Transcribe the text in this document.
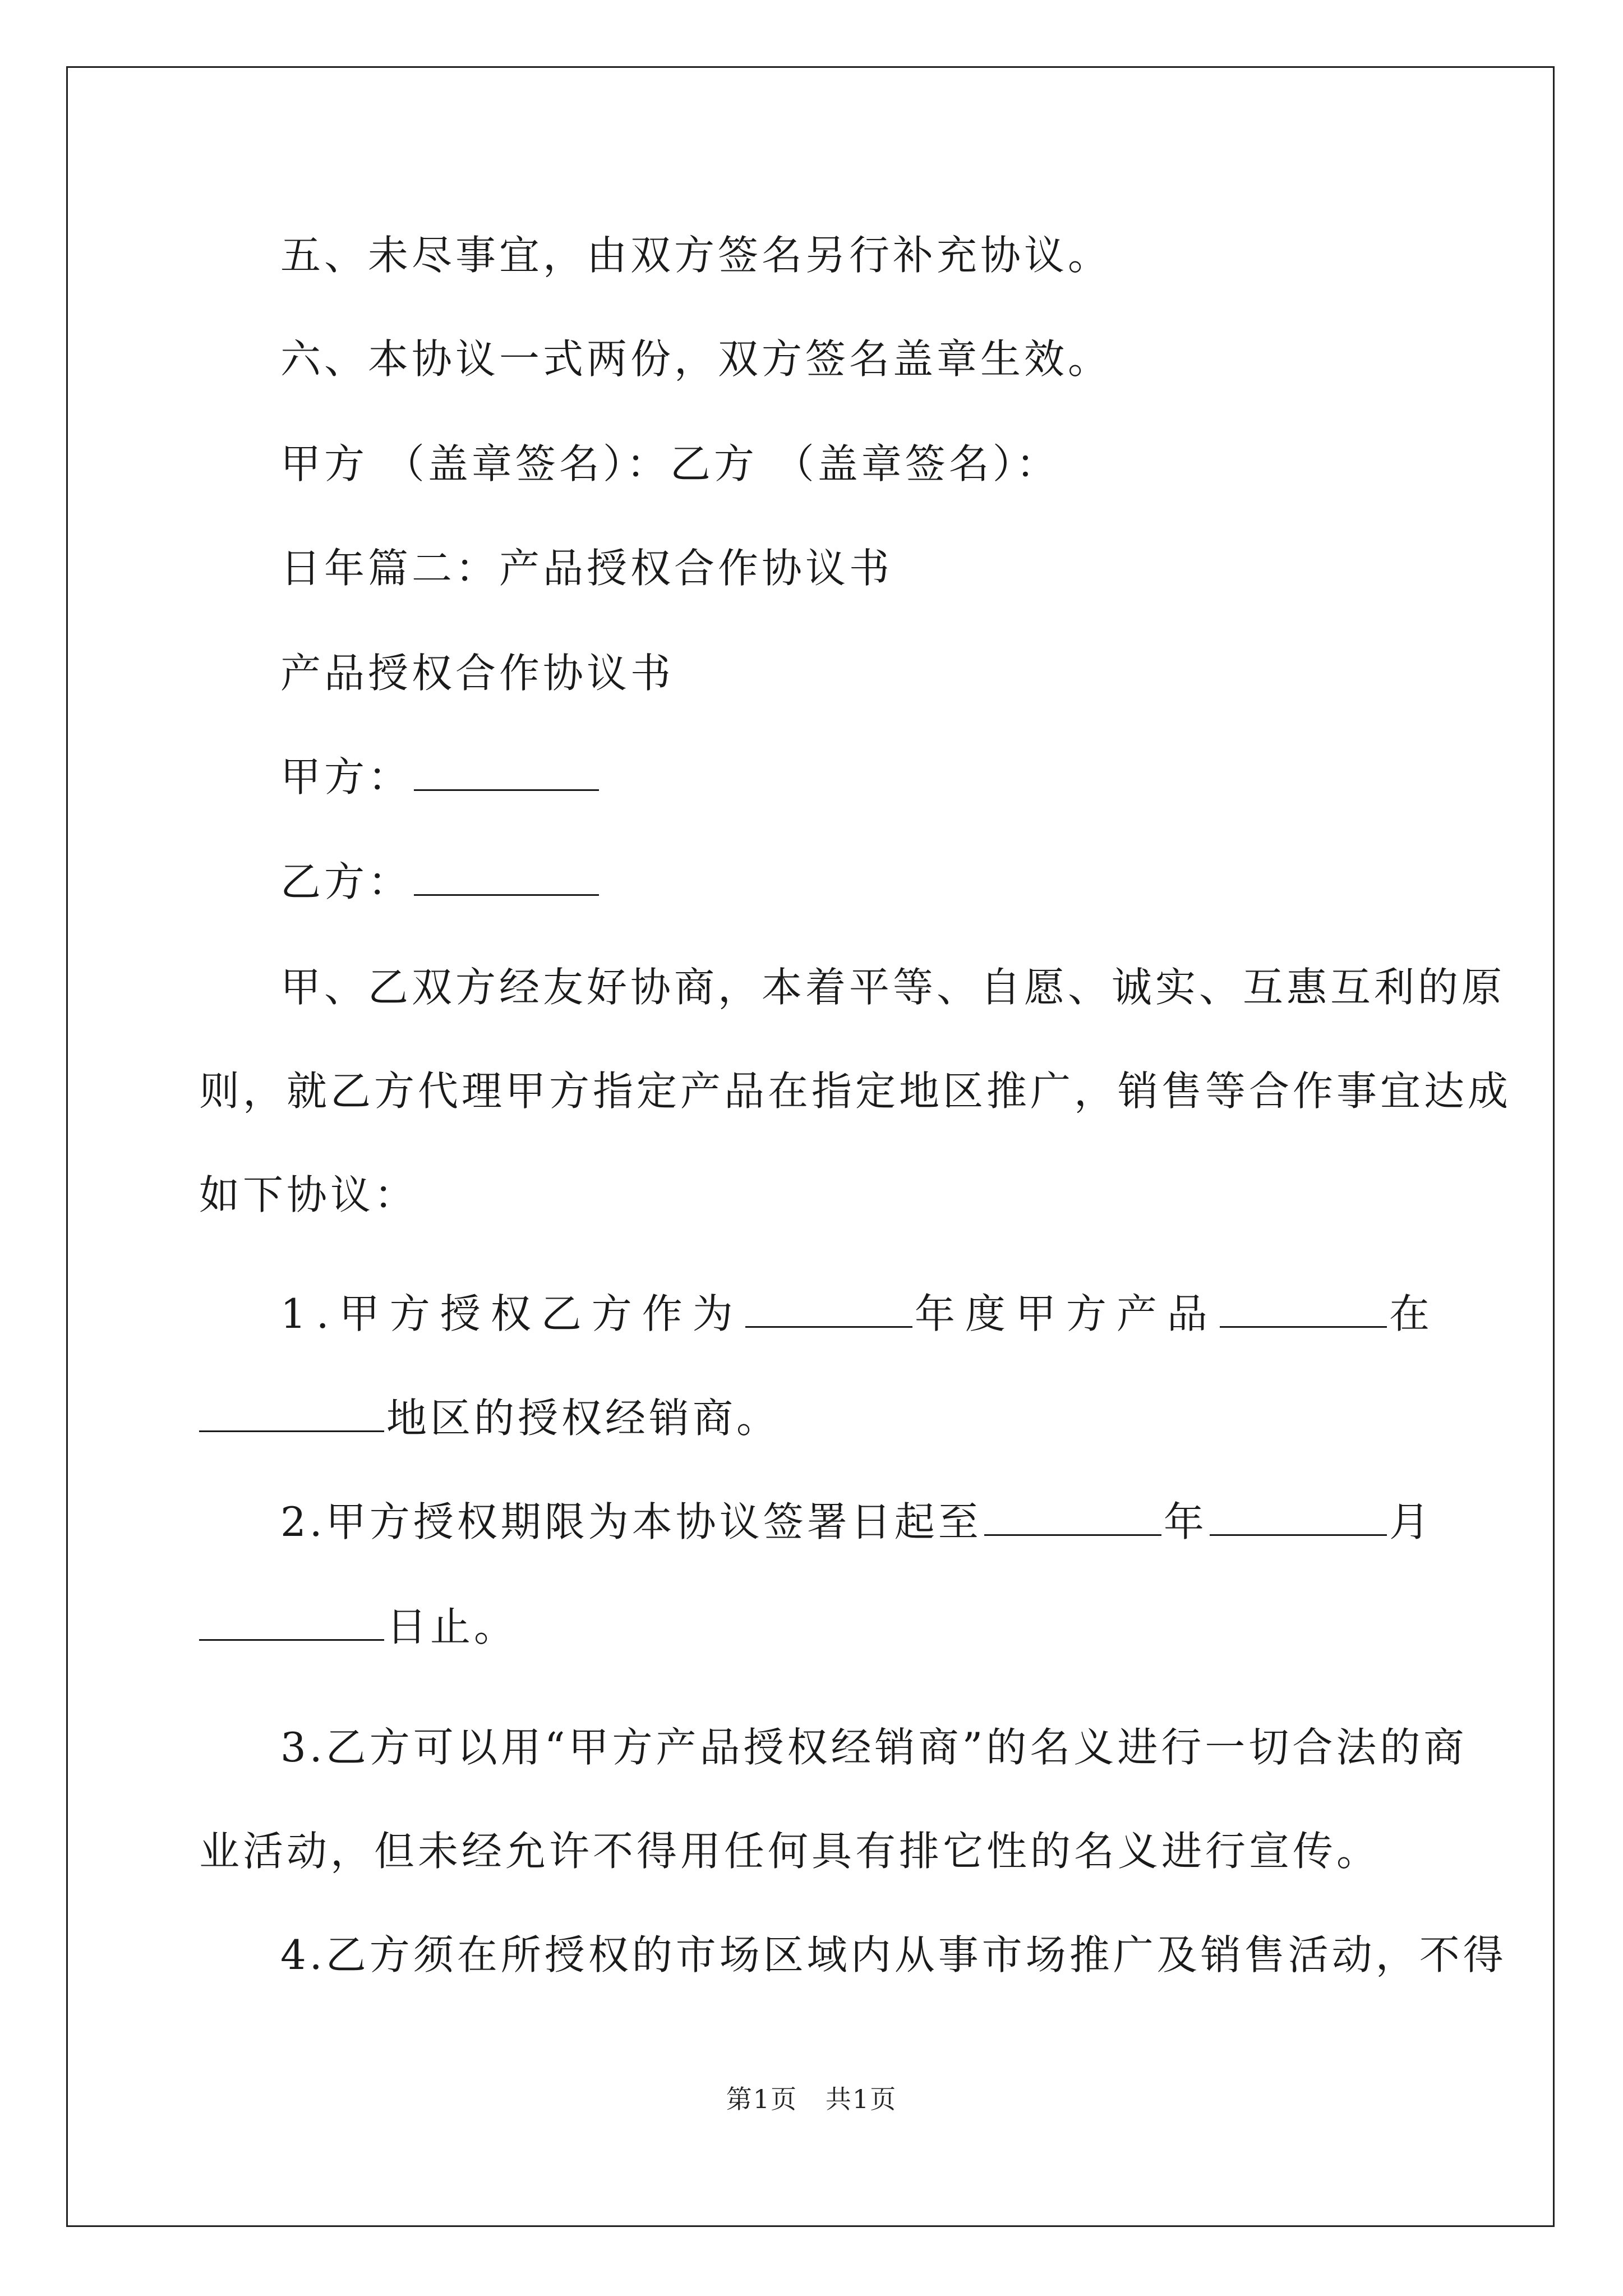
五、未尽事宜，由双方签名另行补充协议。
六、本协议一式两份，双方签名盖章生效。
甲方 （盖章签名）：乙方 （盖章签名）：
日年篇二：产品授权合作协议书
产品授权合作协议书
甲方：
乙方：
甲、乙双方经友好协商，本着平等、自愿、诚实、互惠互利的原
则，就乙方代理甲方指定产品在指定地区推广，销售等合作事宜达成
如下协议：
1.甲方授权乙方作为	年度甲方产品	在
地区的授权经销商。
2.甲方授权期限为本协议签署日起至	年	月
日止。
3.乙方可以用“甲方产品授权经销商”的名义进行一切合法的商
业活动，但未经允许不得用任何具有排它性的名义进行宣传。
4.乙方须在所授权的市场区域内从事市场推广及销售活动，不得
第1页   共1页
